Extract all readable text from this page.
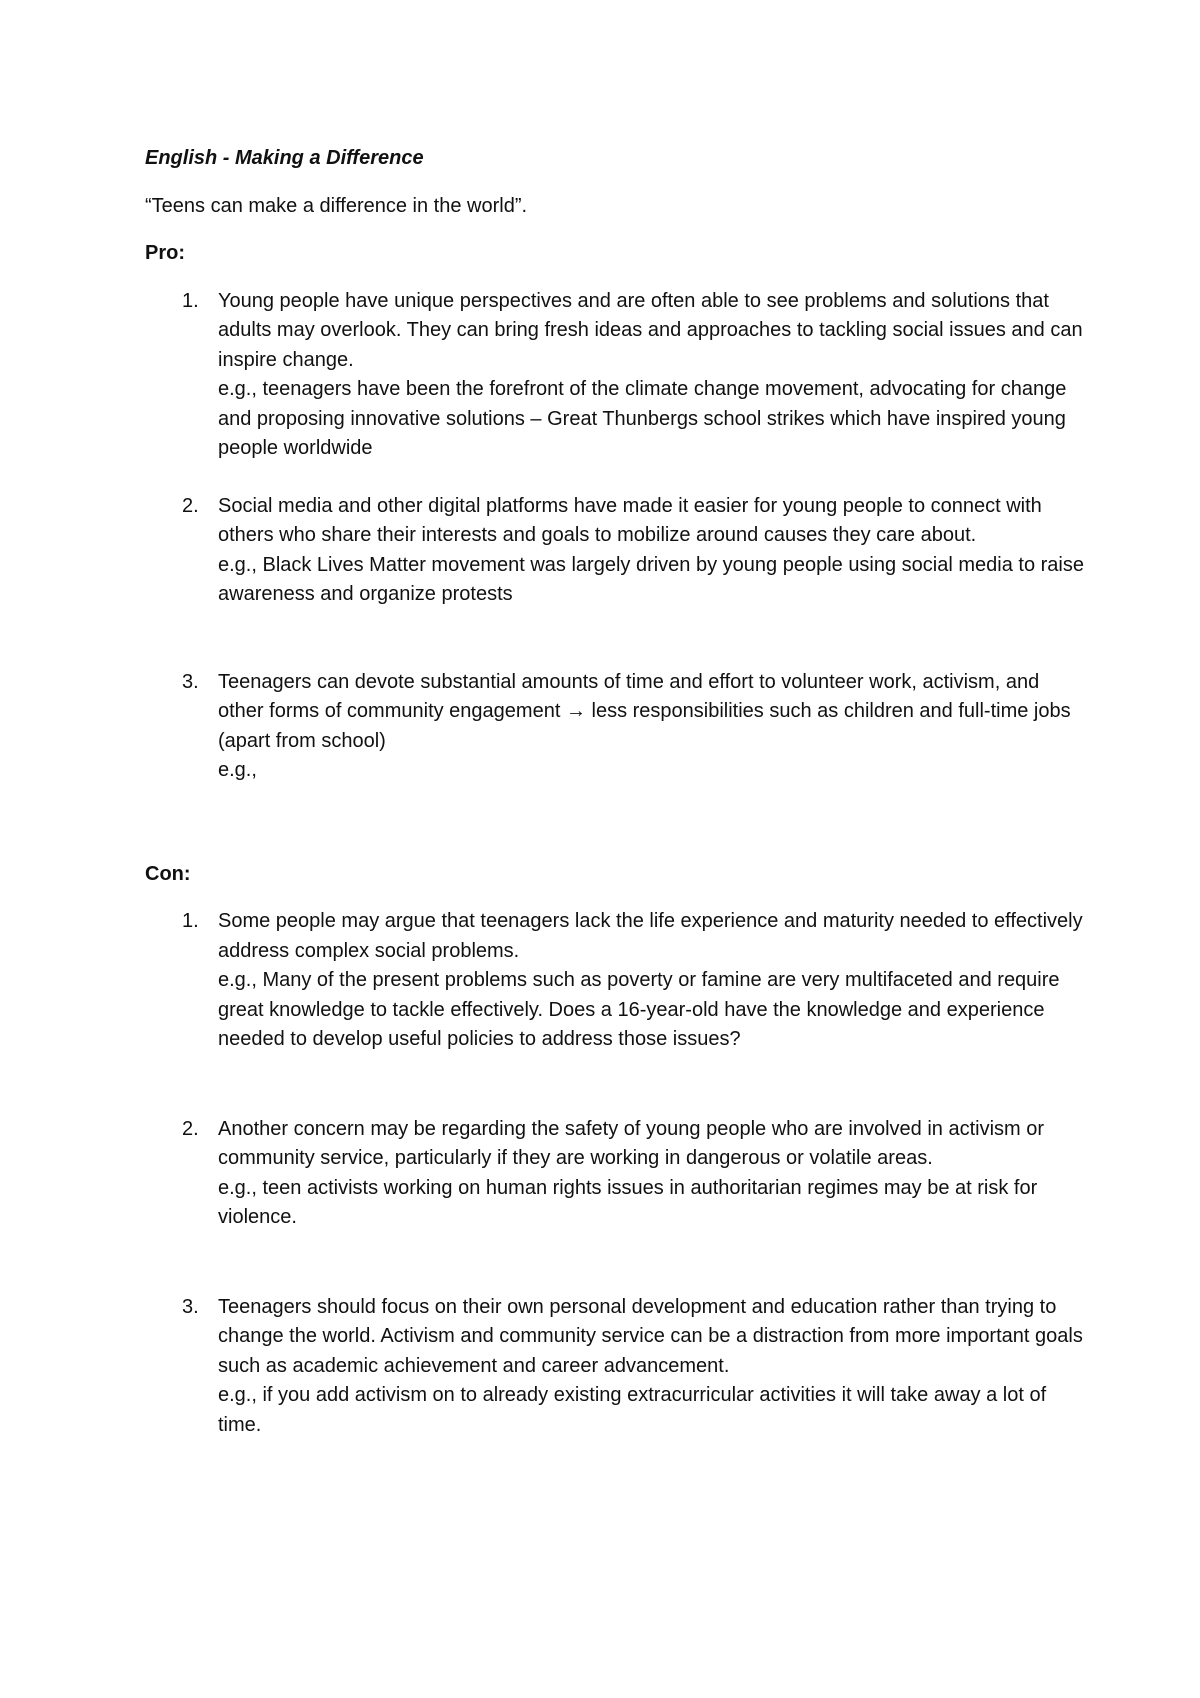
English - Making a Difference
“Teens can make a difference in the world”.
Pro:
1. Young people have unique perspectives and are often able to see problems and solutions that adults may overlook. They can bring fresh ideas and approaches to tackling social issues and can inspire change.
e.g., teenagers have been the forefront of the climate change movement, advocating for change and proposing innovative solutions – Great Thunbergs school strikes which have inspired young people worldwide
2. Social media and other digital platforms have made it easier for young people to connect with others who share their interests and goals to mobilize around causes they care about.
e.g., Black Lives Matter movement was largely driven by young people using social media to raise awareness and organize protests
3. Teenagers can devote substantial amounts of time and effort to volunteer work, activism, and other forms of community engagement → less responsibilities such as children and full-time jobs (apart from school)
e.g.,
Con:
1. Some people may argue that teenagers lack the life experience and maturity needed to effectively address complex social problems.
e.g., Many of the present problems such as poverty or famine are very multifaceted and require great knowledge to tackle effectively. Does a 16-year-old have the knowledge and experience needed to develop useful policies to address those issues?
2. Another concern may be regarding the safety of young people who are involved in activism or community service, particularly if they are working in dangerous or volatile areas.
e.g., teen activists working on human rights issues in authoritarian regimes may be at risk for violence.
3. Teenagers should focus on their own personal development and education rather than trying to change the world. Activism and community service can be a distraction from more important goals such as academic achievement and career advancement.
e.g., if you add activism on to already existing extracurricular activities it will take away a lot of time.
